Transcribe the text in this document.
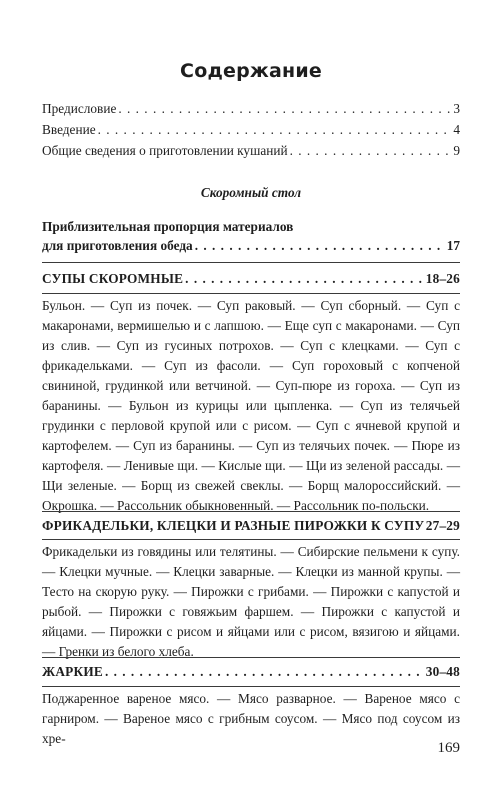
Содержание
Предисловие . . .	3
Введение . . .	4
Общие сведения о приготовлении кушаний . . .	9
Скоромный стол
Приблизительная пропорция материалов
для приготовления обеда . . .	17
СУПЫ СКОРОМНЫЕ . . .	18–26

Бульон. — Суп из почек. — Суп раковый. — Суп сборный. — Суп с макаронами, вермишелью и с лапшою. — Еще суп с макаронами. — Суп из слив. — Суп из гусиных потрохов. — Суп с клецками. — Суп с фрикадельками. — Суп из фасоли. — Суп гороховый с копченой свининой, грудинкой или ветчиной. — Суп-пюре из гороха. — Суп из баранины. — Бульон из курицы или цыпленка. — Суп из телячьей грудинки с перловой крупой или с рисом. — Суп с ячневой крупой и картофелем. — Суп из баранины. — Суп из телячьих почек. — Пюре из картофеля. — Ленивые щи. — Кислые щи. — Щи из зеленой рассады. — Щи зеленые. — Борщ из свежей свеклы. — Борщ малороссийский. — Окрошка. — Рассольник обыкновенный. — Рассольник по-польски.

ФРИКАДЕЛЬКИ, КЛЕЦКИ И РАЗНЫЕ ПИРОЖКИ К СУПУ 27–29

Фрикадельки из говядины или телятины. — Сибирские пельмени к супу. — Клецки мучные. — Клецки заварные. — Клецки из манной крупы. — Тесто на скорую руку. — Пирожки с грибами. — Пирожки с капустой и рыбой. — Пирожки с говяжьим фаршем. — Пирожки с капустой и яйцами. — Пирожки с рисом и яйцами или с рисом, вязигою и яйцами. — Гренки из белого хлеба.

ЖАРКИЕ . . .	30–48

Поджаренное вареное мясо. — Мясо разварное. — Вареное мясо с гарниром. — Вареное мясо с грибным соусом. — Мясо под соусом из хре-

169
